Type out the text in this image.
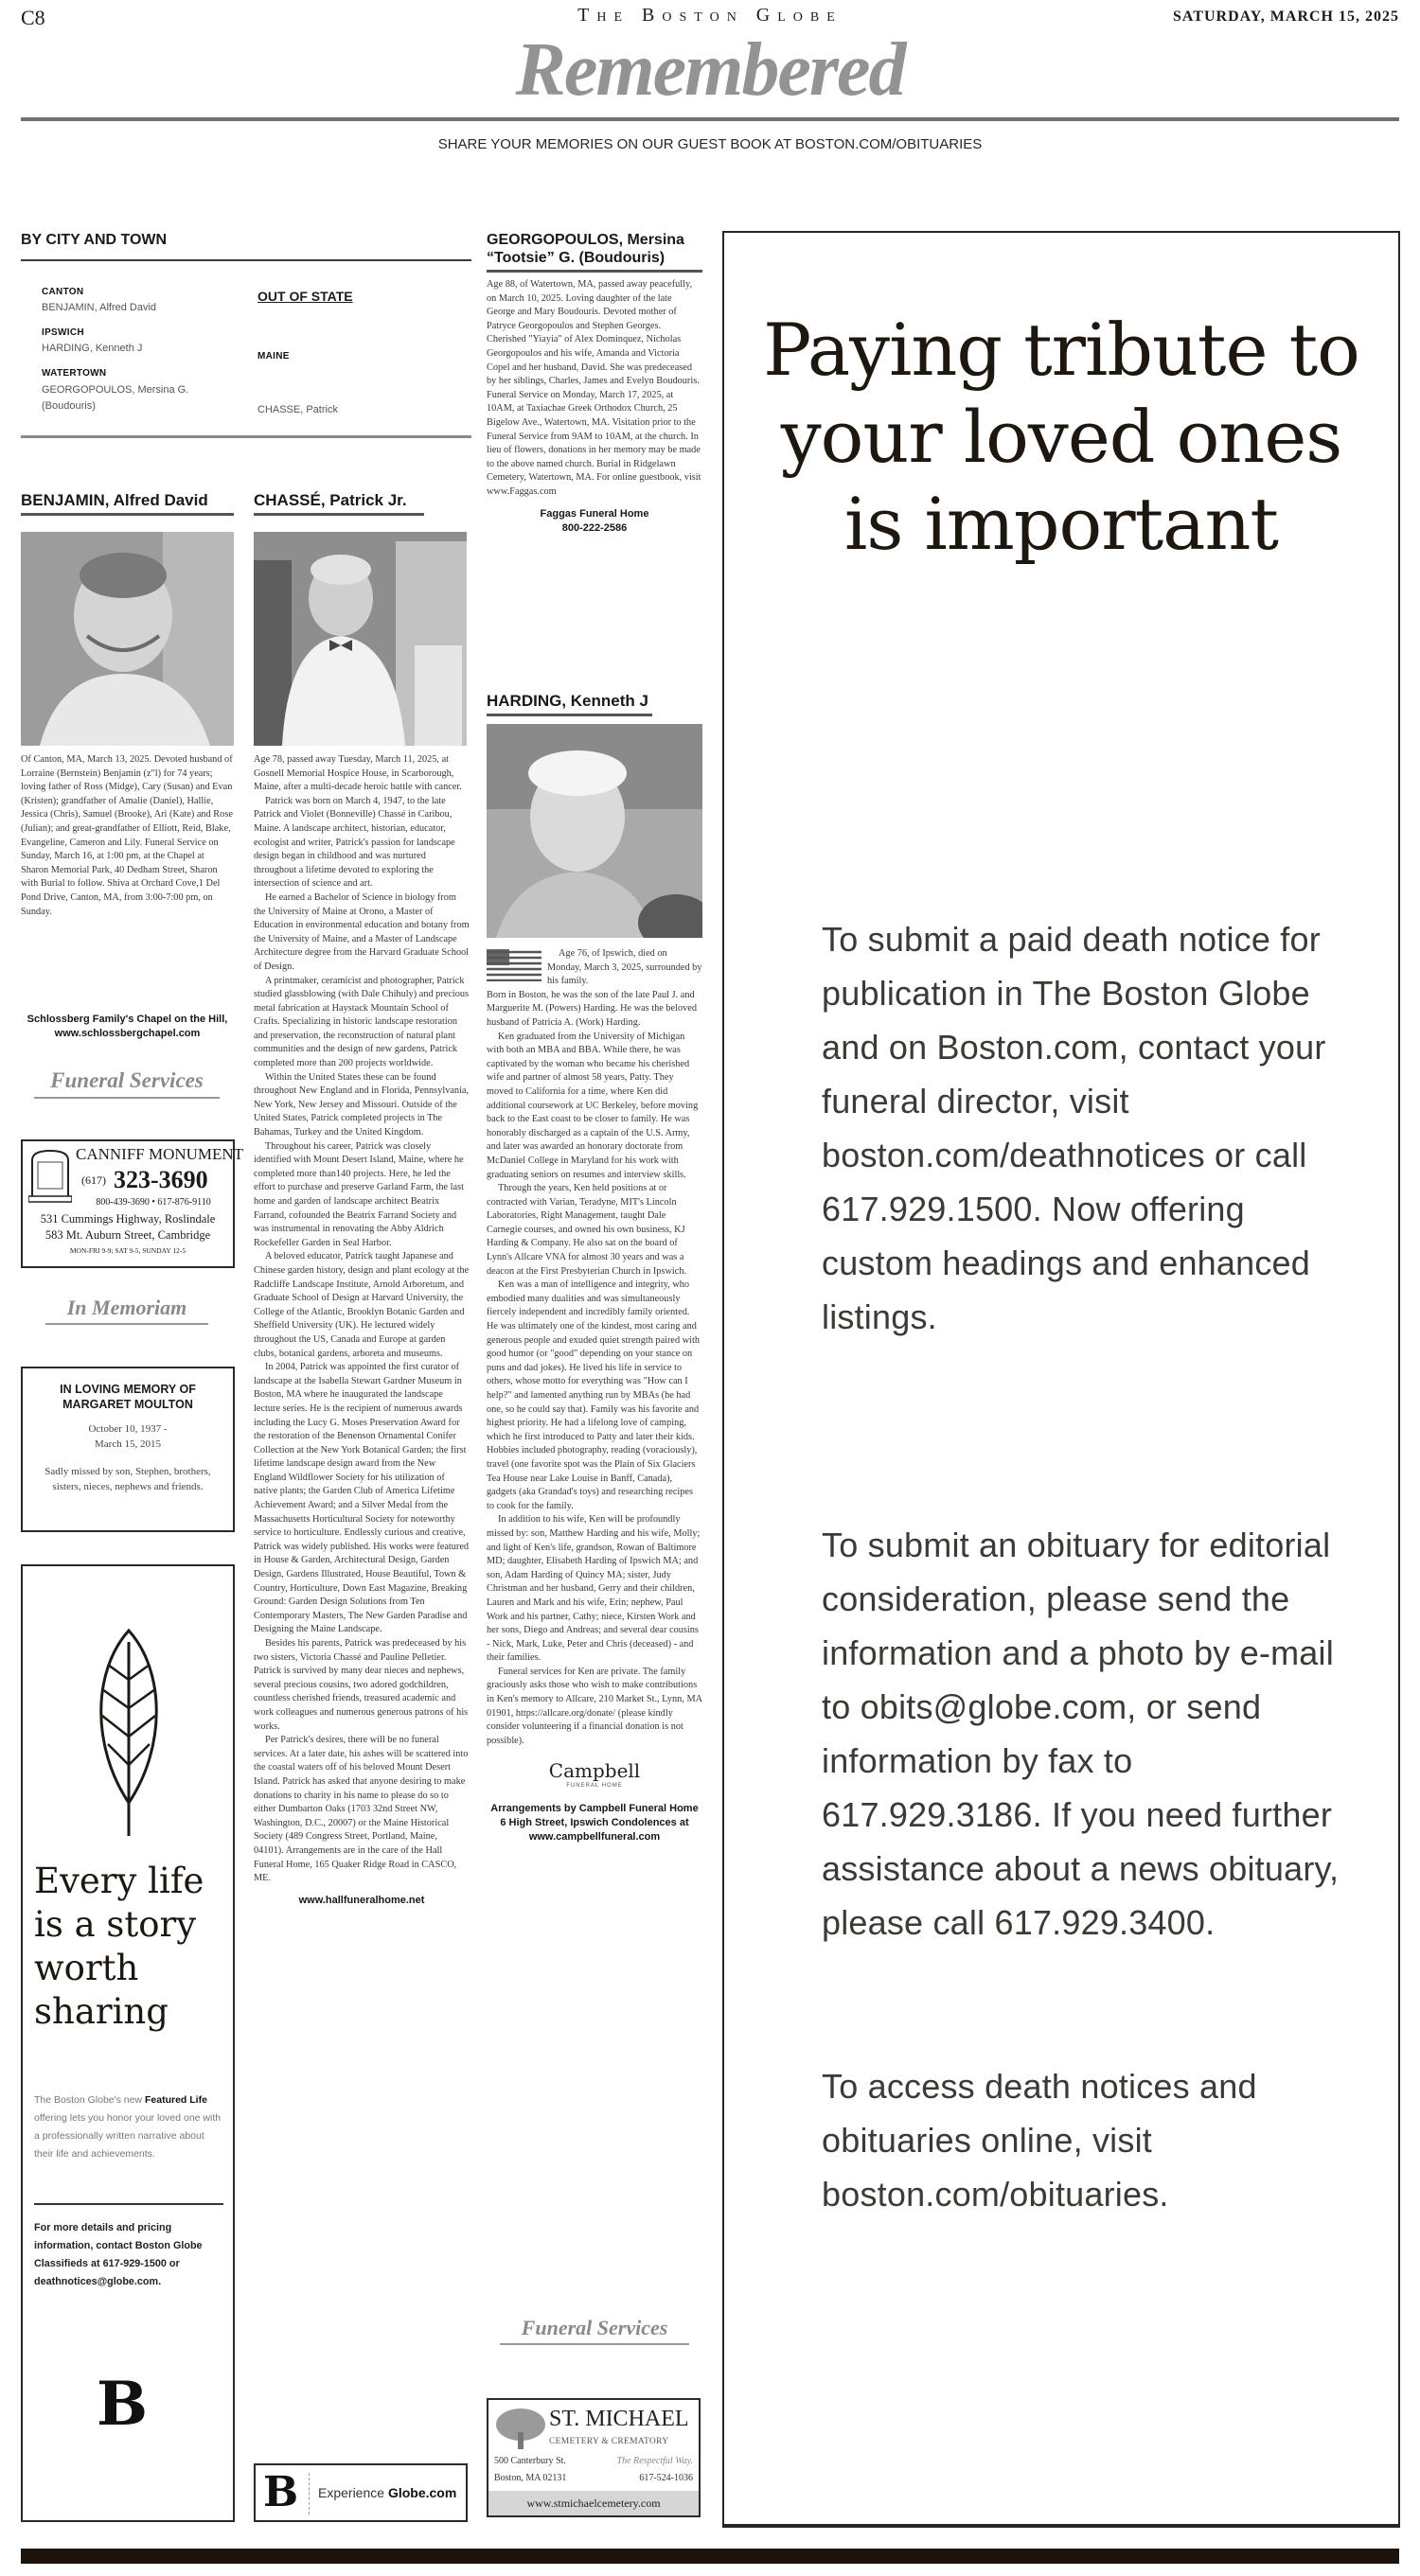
C8	The Boston Globe	SATURDAY, MARCH 15, 2025
Remembered
SHARE YOUR MEMORIES ON OUR GUEST BOOK AT BOSTON.COM/OBITUARIES
BY CITY AND TOWN
CANTON
BENJAMIN, Alfred David
IPSWICH
HARDING, Kenneth J
WATERTOWN
GEORGOPOULOS, Mersina G. (Boudouris)
OUT OF STATE
MAINE
CHASSE, Patrick
BENJAMIN, Alfred David

Of Canton, MA, March 13, 2025. Devoted husband of Lorraine (Bernstein) Benjamin (z"l) for 74 years; loving father of Ross (Midge), Cary (Susan) and Evan (Kristen); grandfather of Amalie (Daniel), Hallie, Jessica (Chris), Samuel (Brooke), Ari (Kate) and Rose (Julian); and great-grandfather of Elliott, Reid, Blake, Evangeline, Cameron and Lily. Funeral Service on Sunday, March 16, at 1:00 pm, at the Chapel at Sharon Memorial Park, 40 Dedham Street, Sharon with Burial to follow. Shiva at Orchard Cove,1 Del Pond Drive, Canton, MA, from 3:00-7:00 pm, on Sunday.

Schlossberg Family's Chapel on the Hill, www.schlossbergchapel.com
Funeral Services
CANNIFF MONUMENT
(617) 323-3690
800-439-3690 • 617-876-9110
531 Cummings Highway, Roslindale
583 Mt. Auburn Street, Cambridge
MON-FRI 9-9; SAT 9-5, SUNDAY 12-5
In Memoriam
IN LOVING MEMORY OF MARGARET MOULTON
October 10, 1937 -
March 15, 2015
Sadly missed by son, Stephen, brothers, sisters, nieces, nephews and friends.
Every life is a story worth sharing
The Boston Globe's new Featured Life offering lets you honor your loved one with a professionally written narrative about their life and achievements.
For more details and pricing information, contact Boston Globe Classifieds at 617-929-1500 or deathnotices@globe.com.
B
CHASSÉ, Patrick Jr.

Age 78, passed away Tuesday, March 11, 2025, at Gosnell Memorial Hospice House, in Scarborough, Maine, after a multi-decade heroic battle with cancer.

Patrick was born on March 4, 1947, to the late Patrick and Violet (Bonneville) Chassé in Caribou, Maine. A landscape architect, historian, educator, ecologist and writer, Patrick's passion for landscape design began in childhood and was nurtured throughout a lifetime devoted to exploring the intersection of science and art.

He earned a Bachelor of Science in biology from the University of Maine at Orono, a Master of Education in environmental education and botany from the University of Maine, and a Master of Landscape Architecture degree from the Harvard Graduate School of Design.

A printmaker, ceramicist and photographer, Patrick studied glassblowing (with Dale Chihuly) and precious metal fabrication at Haystack Mountain School of Crafts. Specializing in historic landscape restoration and preservation, the reconstruction of natural plant communities and the design of new gardens, Patrick completed more than 200 projects worldwide.

Within the United States these can be found throughout New England and in Florida, Pennsylvania, New York, New Jersey and Missouri. Outside of the United States, Patrick completed projects in The Bahamas, Turkey and the United Kingdom.

Throughout his career, Patrick was closely identified with Mount Desert Island, Maine, where he completed more than140 projects. Here, he led the effort to purchase and preserve Garland Farm, the last home and garden of landscape architect Beatrix Farrand, cofounded the Beatrix Farrand Society and was instrumental in renovating the Abby Aldrich Rockefeller Garden in Seal Harbor.

A beloved educator, Patrick taught Japanese and Chinese garden history, design and plant ecology at the Radcliffe Landscape Institute, Arnold Arboretum, and Graduate School of Design at Harvard University, the College of the Atlantic, Brooklyn Botanic Garden and Sheffield University (UK). He lectured widely throughout the US, Canada and Europe at garden clubs, botanical gardens, arboreta and museums.

In 2004, Patrick was appointed the first curator of landscape at the Isabella Stewart Gardner Museum in Boston, MA where he inaugurated the landscape lecture series. He is the recipient of numerous awards including the Lucy G. Moses Preservation Award for the restoration of the Benenson Ornamental Conifer Collection at the New York Botanical Garden; the first lifetime landscape design award from the New England Wildflower Society for his utilization of native plants; the Garden Club of America Lifetime Achievement Award; and a Silver Medal from the Massachusetts Horticultural Society for noteworthy service to horticulture. Endlessly curious and creative, Patrick was widely published. His works were featured in House & Garden, Architectural Design, Garden Design, Gardens Illustrated, House Beautiful, Town & Country, Horticulture, Down East Magazine, Breaking Ground: Garden Design Solutions from Ten Contemporary Masters, The New Garden Paradise and Designing the Maine Landscape.

Besides his parents, Patrick was predeceased by his two sisters, Victoria Chassé and Pauline Pelletier. Patrick is survived by many dear nieces and nephews, several precious cousins, two adored godchildren, countless cherished friends, treasured academic and work colleagues and numerous generous patrons of his works.

Per Patrick's desires, there will be no funeral services. At a later date, his ashes will be scattered into the coastal waters off of his beloved Mount Desert Island. Patrick has asked that anyone desiring to make donations to charity in his name to please do so to either Dumbarton Oaks (1703 32nd Street NW, Washington, D.C., 20007) or the Maine Historical Society (489 Congress Street, Portland, Maine, 04101). Arrangements are in the care of the Hall Funeral Home, 165 Quaker Ridge Road in CASCO, ME.

www.hallfuneralhome.net
B Experience Globe.com
GEORGOPOULOS, Mersina “Tootsie” G. (Boudouris)

Age 88, of Watertown, MA, passed away peacefully, on March 10, 2025. Loving daughter of the late George and Mary Boudouris. Devoted mother of Patryce Georgopoulos and Stephen Georges. Cherished "Yiayia" of Alex Dominquez, Nicholas Georgopoulos and his wife, Amanda and Victoria Copel and her husband, David. She was predeceased by her siblings, Charles, James and Evelyn Boudouris. Funeral Service on Monday, March 17, 2025, at 10AM, at Taxiachae Greek Orthodox Church, 25 Bigelow Ave., Watertown, MA. Visitation prior to the Funeral Service from 9AM to 10AM, at the church. In lieu of flowers, donations in her memory may be made to the above named church. Burial in Ridgelawn Cemetery, Watertown, MA. For online guestbook, visit www.Faggas.com

Faggas Funeral Home
800-222-2586
HARDING, Kenneth J

Age 76, of Ipswich, died on Monday, March 3, 2025, surrounded by his family.

Born in Boston, he was the son of the late Paul J. and Marguerite M. (Powers) Harding. He was the beloved husband of Patricia A. (Work) Harding.

Ken graduated from the University of Michigan with both an MBA and BBA. While there, he was captivated by the woman who became his cherished wife and partner of almost 58 years, Patty. They moved to California for a time, where Ken did additional coursework at UC Berkeley, before moving back to the East coast to be closer to family. He was honorably discharged as a captain of the U.S. Army, and later was awarded an honorary doctorate from McDaniel College in Maryland for his work with graduating seniors on resumes and interview skills.

Through the years, Ken held positions at or contracted with Varian, Teradyne, MIT's Lincoln Laboratories, Right Management, taught Dale Carnegie courses, and owned his own business, KJ Harding & Company. He also sat on the board of Lynn's Allcare VNA for almost 30 years and was a deacon at the First Presbyterian Church in Ipswich.

Ken was a man of intelligence and integrity, who embodied many dualities and was simultaneously fiercely independent and incredibly family oriented. He was ultimately one of the kindest, most caring and generous people and exuded quiet strength paired with good humor (or "good" depending on your stance on puns and dad jokes). He lived his life in service to others, whose motto for everything was "How can I help?" and lamented anything run by MBAs (he had one, so he could say that). Family was his favorite and highest priority. He had a lifelong love of camping, which he first introduced to Patty and later their kids. Hobbies included photography, reading (voraciously), travel (one favorite spot was the Plain of Six Glaciers Tea House near Lake Louise in Banff, Canada), gadgets (aka Grandad's toys) and researching recipes to cook for the family.

In addition to his wife, Ken will be profoundly missed by: son, Matthew Harding and his wife, Molly; and light of Ken's life, grandson, Rowan of Baltimore MD; daughter, Elisabeth Harding of Ipswich MA; and son, Adam Harding of Quincy MA; sister, Judy Christman and her husband, Gerry and their children, Lauren and Mark and his wife, Erin; nephew, Paul Work and his partner, Cathy; niece, Kirsten Work and her sons, Diego and Andreas; and several dear cousins - Nick, Mark, Luke, Peter and Chris (deceased) - and their families.

Funeral services for Ken are private. The family graciously asks those who wish to make contributions in Ken's memory to Allcare, 210 Market St., Lynn, MA 01901, https://allcare.org/donate/ (please kindly consider volunteering if a financial donation is not possible).

Campbell
FUNERAL HOME
Arrangements by Campbell Funeral Home 6 High Street, Ipswich Condolences at www.campbellfuneral.com
Funeral Services
ST. MICHAEL
CEMETERY & CREMATORY
500 Canterbury St.
Boston, MA 02131
The Respectful Way.
617-524-1036
www.stmichaelcemetery.com
Paying tribute to your loved ones is important
To submit a paid death notice for publication in The Boston Globe and on Boston.com, contact your funeral director, visit boston.com/deathnotices or call 617.929.1500. Now offering custom headings and enhanced listings.
To submit an obituary for editorial consideration, please send the information and a photo by e-mail to obits@globe.com, or send information by fax to 617.929.3186. If you need further assistance about a news obituary, please call 617.929.3400.
To access death notices and obituaries online, visit boston.com/obituaries.
